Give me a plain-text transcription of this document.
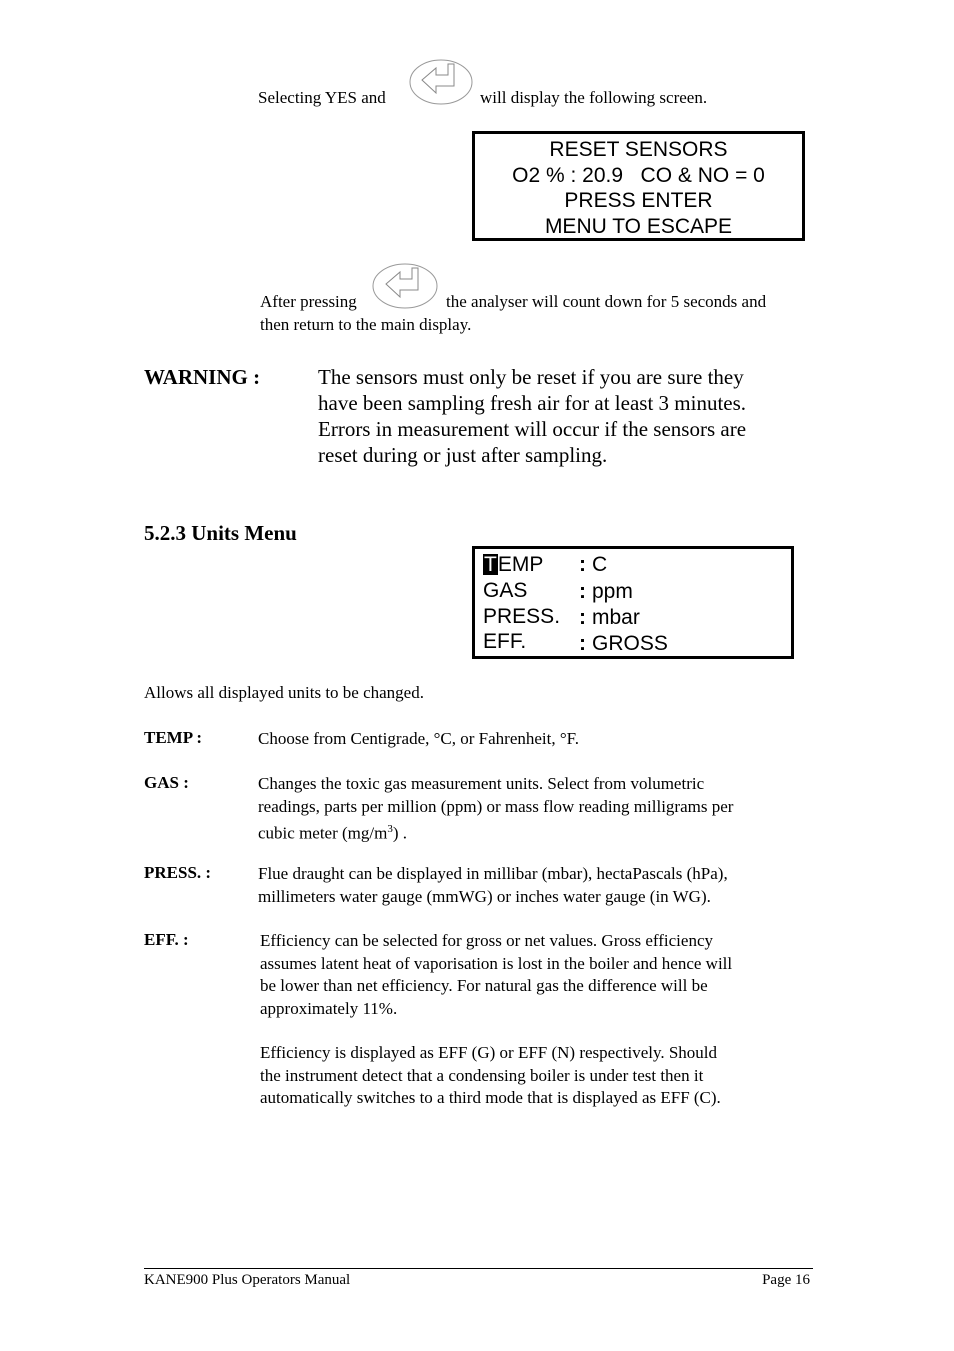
Selecting YES and	will display the following screen.
RESET SENSORS
O2 % : 20.9   CO & NO = 0
PRESS ENTER
MENU TO ESCAPE
After pressing	the analyser will count down for 5 seconds and
then return to the main display.
WARNING :	The sensors must only be reset if you are sure they
have been sampling fresh air for at least 3 minutes.
Errors in measurement will occur if the sensors are
reset during or just after sampling.
5.2.3 Units Menu
TEMP : C
GAS : ppm
PRESS. : mbar
EFF.	: GROSS
Allows all displayed units to be changed.
TEMP :	Choose from Centigrade, °C, or Fahrenheit, °F.
GAS :	Changes the toxic gas measurement units. Select from volumetric
readings, parts per million (ppm) or mass flow reading milligrams per
cubic meter $(mg/m^3)$ .
PRESS. :	Flue draught can be displayed in millibar (mbar), hectaPascals (hPa),
millimeters water gauge (mmWG) or inches water gauge (in WG).
EFF. :	Efficiency can be selected for gross or net values. Gross efficiency
assumes latent heat of vaporisation is lost in the boiler and hence will
be lower than net efficiency. For natural gas the difference will be
approximately 11%.
Efficiency is displayed as EFF (G) or EFF (N) respectively. Should
the instrument detect that a condensing boiler is under test then it
automatically switches to a third mode that is displayed as EFF (C).
KANE900 Plus Operators Manual	Page 16
